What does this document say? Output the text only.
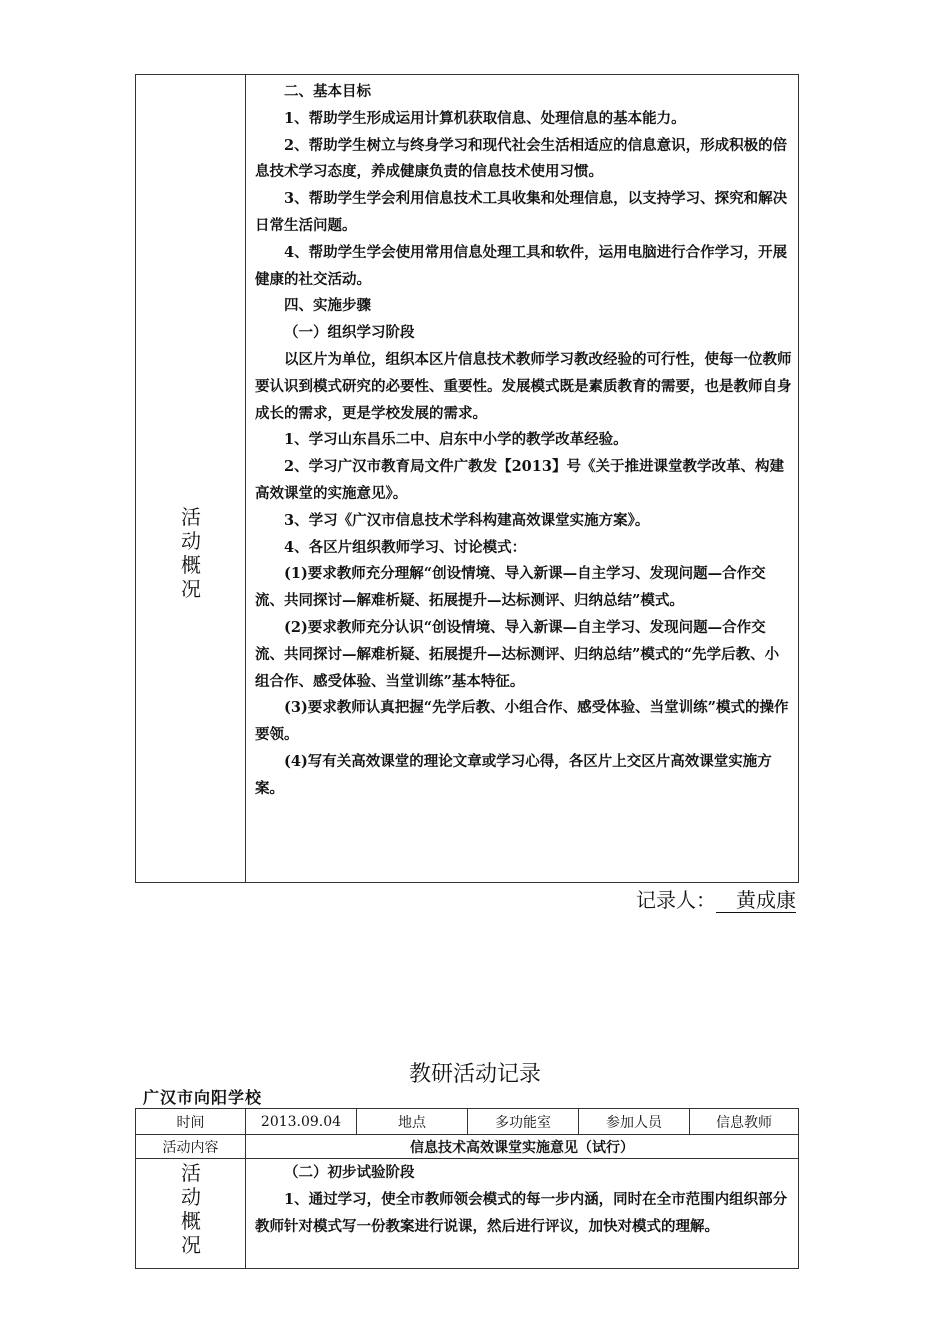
活
动
概
况

二、基本目标

1、帮助学生形成运用计算机获取信息、处理信息的基本能力。

2、帮助学生树立与终身学习和现代社会生活相适应的信息意识，形成积极的倍息技术学习态度，养成健康负责的信息技术使用习惯。

3、帮助学生学会利用信息技术工具收集和处理信息，以支持学习、探究和解决日常生活问题。

4、帮助学生学会使用常用信息处理工具和软件，运用电脑进行合作学习，开展健康的社交活动。

四、实施步骤

（一）组织学习阶段

以区片为单位，组织本区片信息技术教师学习教改经验的可行性，使每一位教师要认识到模式研究的必要性、重要性。发展模式既是素质教育的需要，也是教师自身成长的需求，更是学校发展的需求。

1、学习山东昌乐二中、启东中小学的教学改革经验。

2、学习广汉市教育局文件广教发【2013】号《关于推进课堂教学改革、构建高效课堂的实施意见》。

3、学习《广汉市信息技术学科构建高效课堂实施方案》。

4、各区片组织教师学习、讨论模式：

(1)要求教师充分理解“创设情境、导入新课—自主学习、发现问题—合作交流、共同探讨—解难析疑、拓展提升—达标测评、归纳总结”模式。

(2)要求教师充分认识“创设情境、导入新课—自主学习、发现问题—合作交流、共同探讨—解难析疑、拓展提升—达标测评、归纳总结”模式的“先学后教、小组合作、感受体验、当堂训练”基本特征。

(3)要求教师认真把握“先学后教、小组合作、感受体验、当堂训练”模式的操作要领。

(4)写有关高效课堂的理论文章或学习心得，各区片上交区片高效课堂实施方案。

记录人： 黄成康
教研活动记录
广汉市向阳学校
时间	2013.09.04	地点	多功能室	参加人员	信息教师
活动内容	信息技术高效课堂实施意见（试行）
活
动
概
况

（二）初步试验阶段

1、通过学习，使全市教师领会模式的每一步内涵，同时在全市范围内组织部分教师针对模式写一份教案进行说课，然后进行评议，加快对模式的理解。
